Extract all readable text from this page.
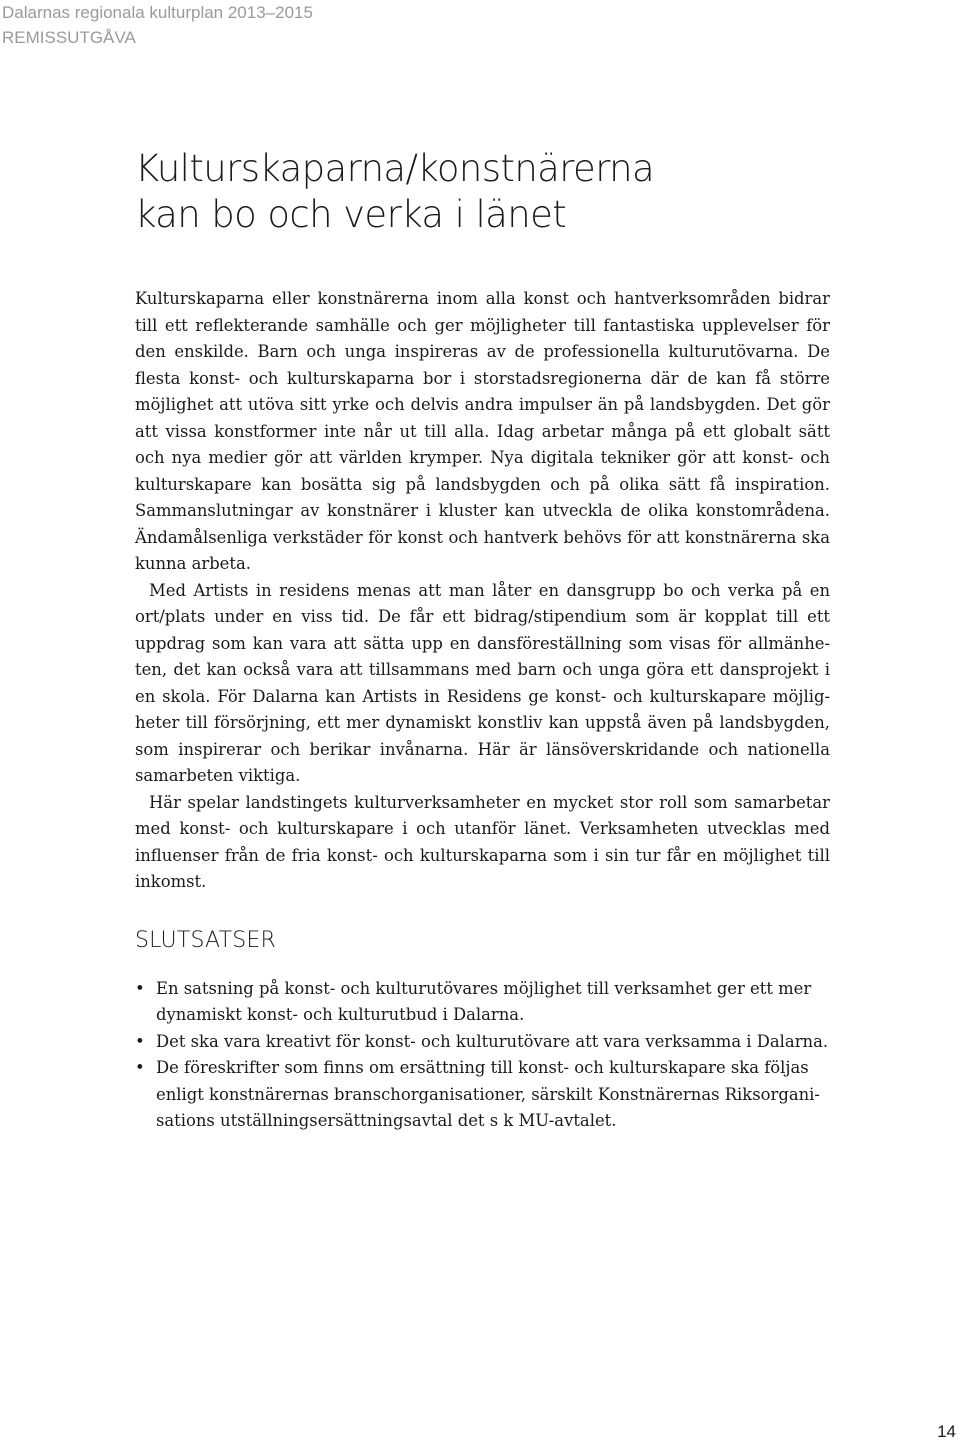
Dalarnas regionala kulturplan 2013–2015
REMISSUTGÅVA
Kulturskaparna/konstnärerna
kan bo och verka i länet

Kulturskaparna eller konstnärerna inom alla konst och hantverksområden bidrar till ett reflekterande samhälle och ger möjligheter till fantastiska upplevelser för den enskilde. Barn och unga inspireras av de professionella kulturutövarna. De flesta konst- och kulturskaparna bor i storstadsregionerna där de kan få större möjlighet att utöva sitt yrke och delvis andra impulser än på landsbygden. Det gör att vissa konstformer inte når ut till alla. Idag arbetar många på ett globalt sätt och nya medier gör att världen krymper. Nya digitala tekniker gör att konst- och kulturskapare kan bosätta sig på landsbygden och på olika sätt få inspiration. Sammanslutningar av konstnärer i kluster kan utveckla de olika konstområdena. Ändamålsenliga verkstäder för konst och hantverk behövs för att konstnärerna ska kunna arbeta.

Med Artists in residens menas att man låter en dansgrupp bo och verka på en ort/plats under en viss tid. De får ett bidrag/stipendium som är kopplat till ett uppdrag som kan vara att sätta upp en dansföreställning som visas för allmänheten, det kan också vara att tillsammans med barn och unga göra ett dansprojekt i en skola. För Dalarna kan Artists in Residens ge konst- och kulturskapare möjligheter till försörjning, ett mer dynamiskt konstliv kan uppstå även på landsbygden, som inspirerar och berikar invånarna. Här är länsöverskridande och nationella samarbeten viktiga.

Här spelar landstingets kulturverksamheter en mycket stor roll som samarbetar med konst- och kulturskapare i och utanför länet. Verksamheten utvecklas med influenser från de fria konst- och kulturskaparna som i sin tur får en möjlighet till inkomst.

SLUTSATSER
• En satsning på konst- och kulturutövares möjlighet till verksamhet ger ett mer dynamiskt konst- och kulturutbud i Dalarna.
• Det ska vara kreativt för konst- och kulturutövare att vara verksamma i Dalarna.
• De föreskrifter som finns om ersättning till konst- och kulturskapare ska följas enligt konstnärernas branschorganisationer, särskilt Konstnärernas Riksorganisations utställningsersättningsavtal det s k MU-avtalet.
14
